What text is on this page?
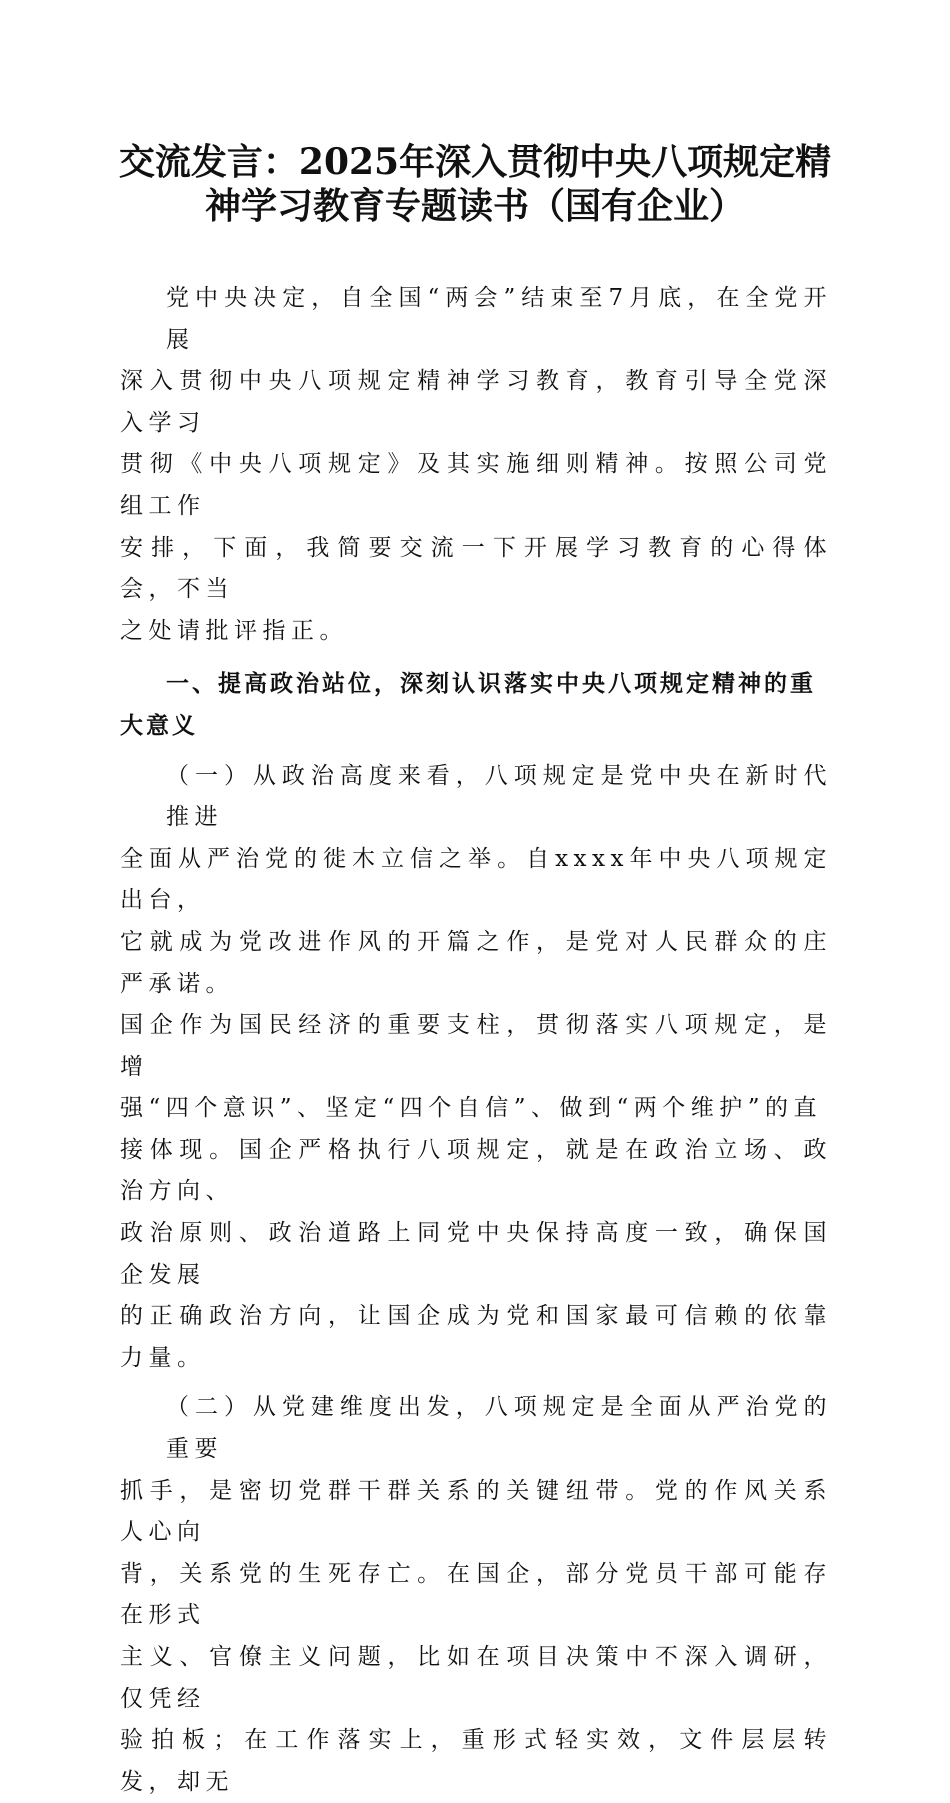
交流发言：2025年深入贯彻中央八项规定精
神学习教育专题读书（国有企业）

党中央决定，自全国“两会”结束至7月底，在全党开展
深入贯彻中央八项规定精神学习教育，教育引导全党深入学习
贯彻《中央八项规定》及其实施细则精神。按照公司党组工作
安排，下面，我简要交流一下开展学习教育的心得体会，不当
之处请批评指正。

一、提高政治站位，深刻认识落实中央八项规定精神的重
大意义

（一）从政治高度来看，八项规定是党中央在新时代推进
全面从严治党的徙木立信之举。自xxxx年中央八项规定出台，
它就成为党改进作风的开篇之作，是党对人民群众的庄严承诺。
国企作为国民经济的重要支柱，贯彻落实八项规定，是增
强“四个意识”、坚定“四个自信”、做到“两个维护”的直
接体现。国企严格执行八项规定，就是在政治立场、政治方向、
政治原则、政治道路上同党中央保持高度一致，确保国企发展
的正确政治方向，让国企成为党和国家最可信赖的依靠力量。

（二）从党建维度出发，八项规定是全面从严治党的重要
抓手，是密切党群干群关系的关键纽带。党的作风关系人心向
背，关系党的生死存亡。在国企，部分党员干部可能存在形式
主义、官僚主义问题，比如在项目决策中不深入调研，仅凭经
验拍板；在工作落实上，重形式轻实效，文件层层转发，却无
